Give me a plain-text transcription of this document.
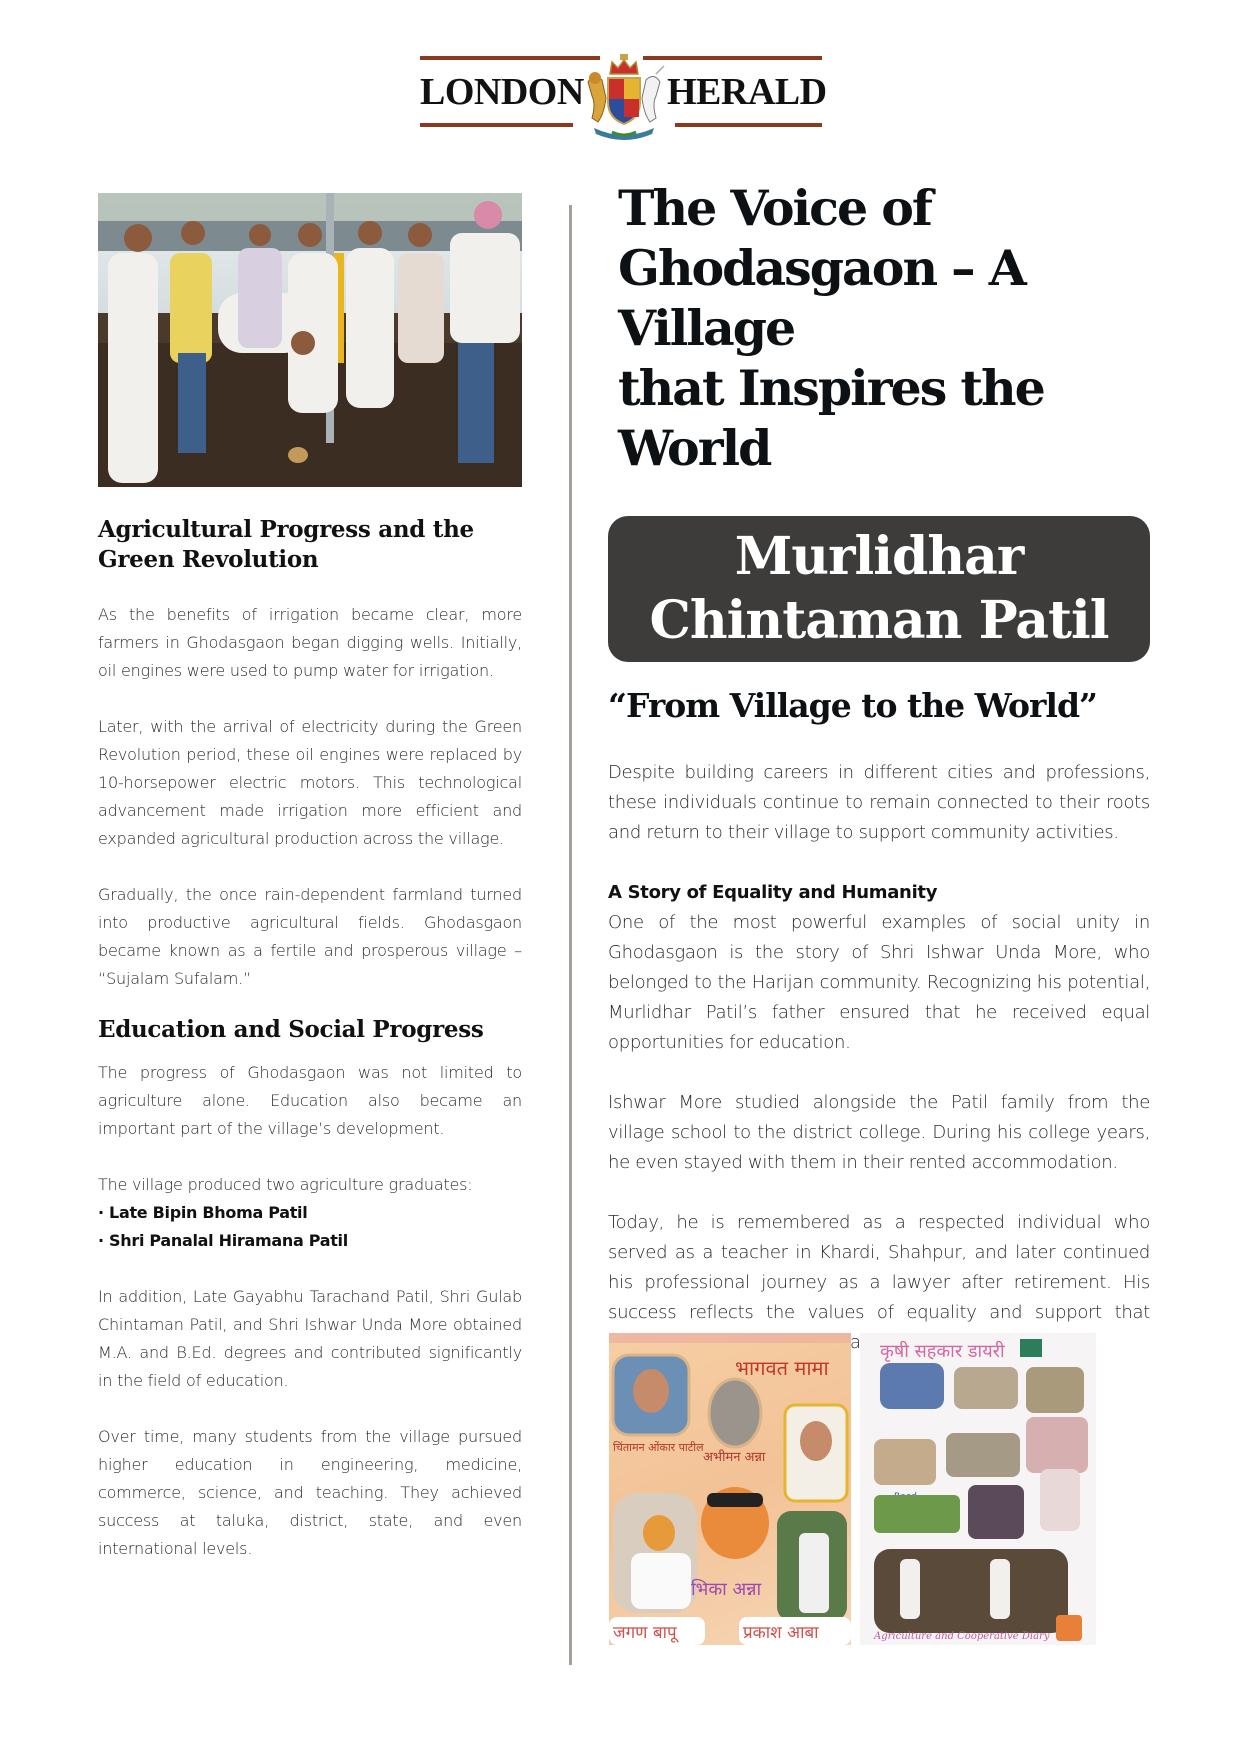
LONDON HERALD
Agricultural Progress and the Green Revolution

As the benefits of irrigation became clear, more farmers in Ghodasgaon began digging wells. Initially, oil engines were used to pump water for irrigation.

Later, with the arrival of electricity during the Green Revolution period, these oil engines were replaced by 10-horsepower electric motors. This technological advancement made irrigation more efficient and expanded agricultural production across the village.

Gradually, the once rain-dependent farmland turned into productive agricultural fields. Ghodasgaon became known as a fertile and prosperous village – “Sujalam Sufalam.”

Education and Social Progress

The progress of Ghodasgaon was not limited to agriculture alone. Education also became an important part of the village’s development.

The village produced two agriculture graduates:

· Late Bipin Bhoma Patil
· Shri Panalal Hiramana Patil

In addition, Late Gayabhu Tarachand Patil, Shri Gulab Chintaman Patil, and Shri Ishwar Unda More obtained M.A. and B.Ed. degrees and contributed significantly in the field of education.

Over time, many students from the village pursued higher education in engineering, medicine, commerce, science, and teaching. They achieved success at taluka, district, state, and even international levels.

The Voice of
Ghodasgaon – A Village
that Inspires the World
Murlidhar
Chintaman Patil
“From Village to the World”

Despite building careers in different cities and professions, these individuals continue to remain connected to their roots and return to their village to support community activities.

A Story of Equality and Humanity

One of the most powerful examples of social unity in Ghodasgaon is the story of Shri Ishwar Unda More, who belonged to the Harijan community. Recognizing his potential, Murlidhar Patil’s father ensured that he received equal opportunities for education.

Ishwar More studied alongside the Patil family from the village school to the district college. During his college years, he even stayed with them in their rented accommodation.

Today, he is remembered as a respected individual who served as a teacher in Khardi, Shahpur, and later continued his professional journey as a lawyer after retirement. His success reflects the values of equality and support that

भागवत मामा
चिंतामन ओंकार पाटील
अभीमन अन्ना
भिका अन्ना
जगण बापू	प्रकाश आबा
कृषी सहकार डायरी
Agriculture and Cooperative Diary
